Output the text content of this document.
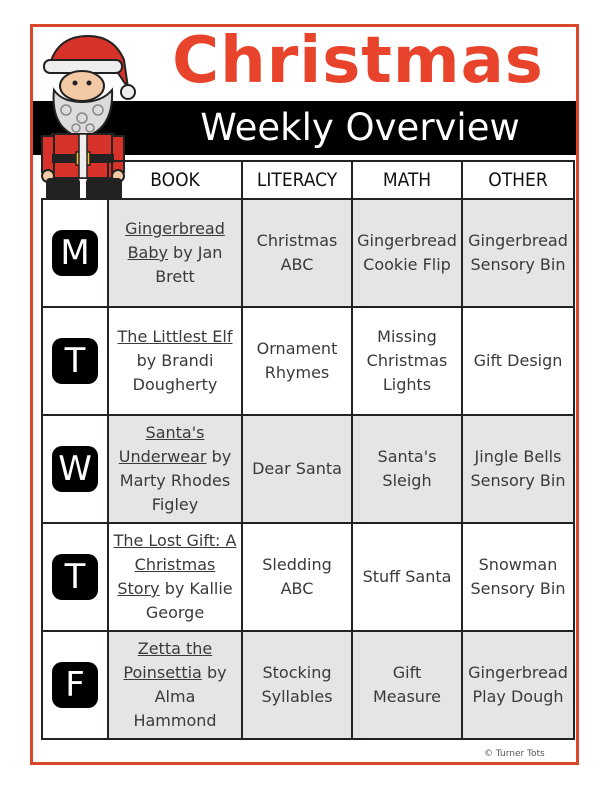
Christmas
Weekly Overview
	BOOK	LITERACY	MATH	OTHER

M	Gingerbread Baby by Jan Brett	Christmas ABC	Gingerbread Cookie Flip	Gingerbread Sensory Bin

T	The Littlest Elf by Brandi Dougherty	Ornament Rhymes	Missing Christmas Lights	Gift Design

W	Santa's Underwear by Marty Rhodes Figley	Dear Santa	Santa's Sleigh	Jingle Bells Sensory Bin

T	The Lost Gift: A Christmas Story by Kallie George	Sledding ABC	Stuff Santa	Snowman Sensory Bin

F	Zetta the Poinsettia by Alma Hammond	Stocking Syllables	Gift Measure	Gingerbread Play Dough
© Turner Tots
